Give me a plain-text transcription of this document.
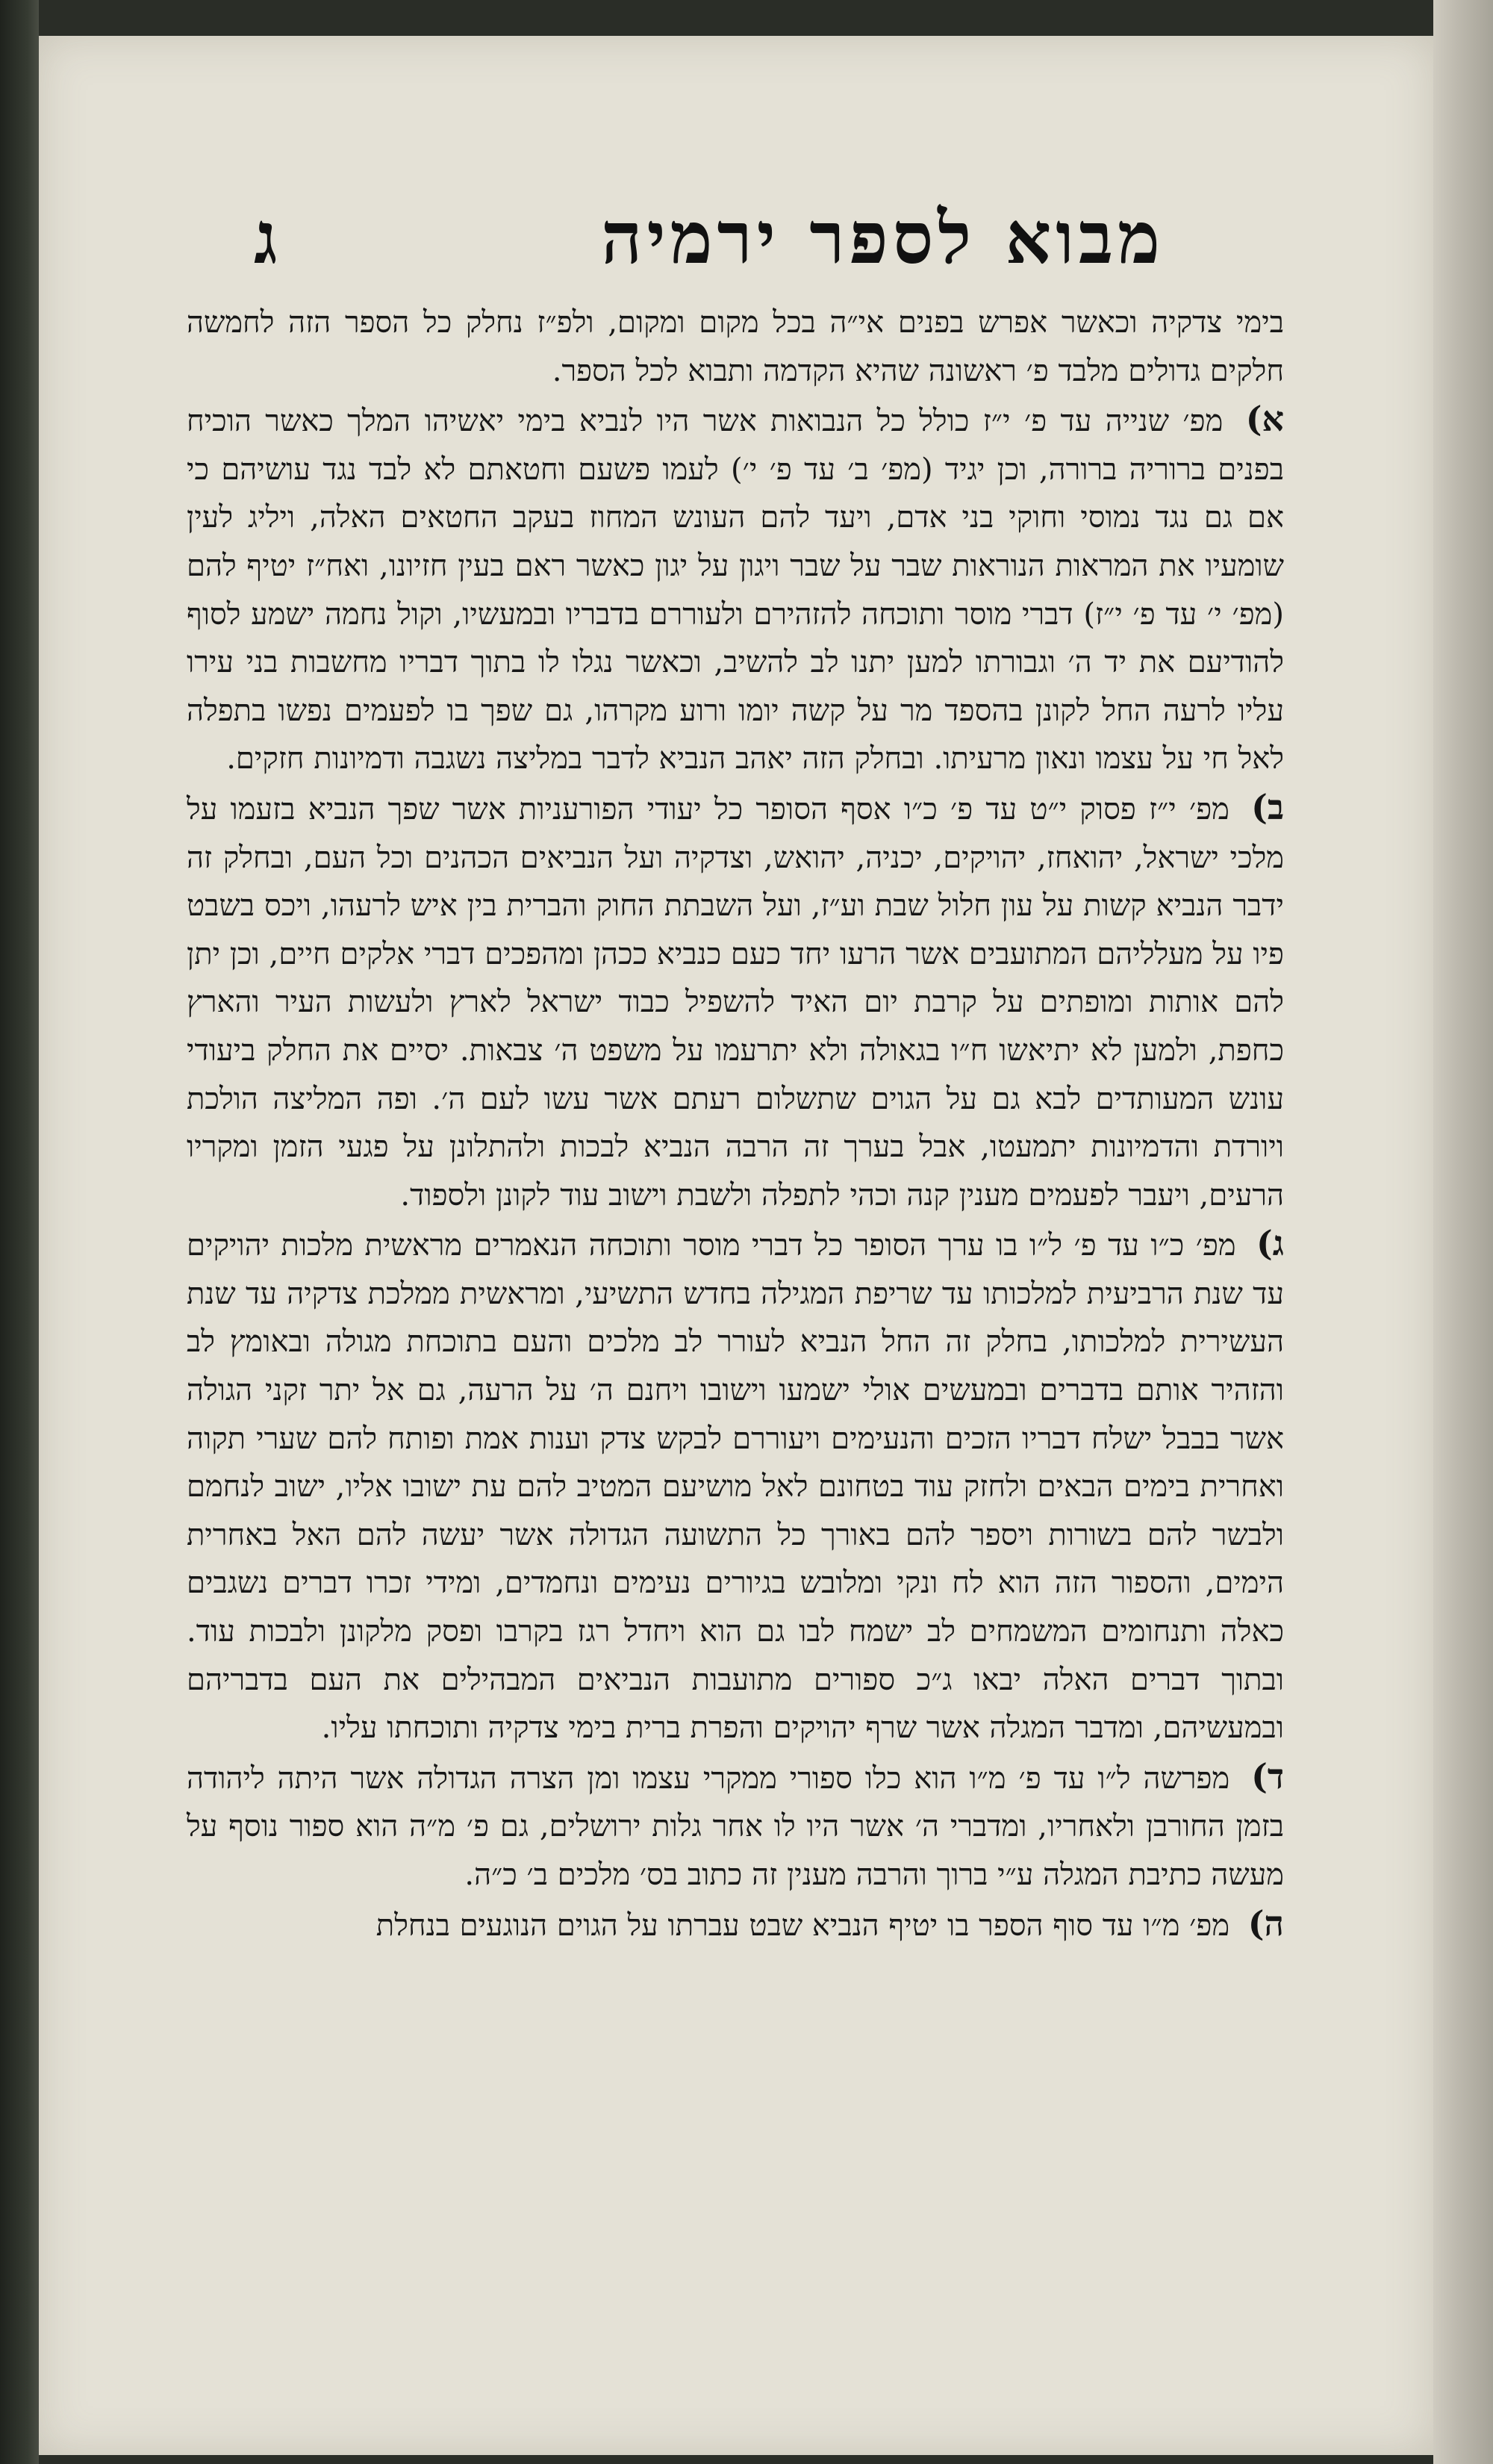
מבוא לספר ירמיה
ג

בימי צדקיה וכאשר אפרש בפנים אי״ה בכל מקום ומקום, ולפ״ז נחלק כל הספר הזה לחמשה חלקים גדולים מלבד פ׳ ראשונה שהיא הקדמה ותבוא לכל הספר.

א) מפ׳ שנייה עד פ׳ י״ז כולל כל הנבואות אשר היו לנביא בימי יאשיהו המלך כאשר הוכיח בפנים ברוריה ברורה, וכן יגיד (מפ׳ ב׳ עד פ׳ י׳) לעמו פשעם וחטאתם לא לבד נגד עושיהם כי אם גם נגד נמוסי וחוקי בני אדם, ויעד להם העונש המחוז בעקב החטאים האלה, ויליג לעין שומעיו את המראות הנוראות שבר על שבר ויגון על יגון כאשר ראם בעין חזיונו, ואח״ז יטיף להם (מפ׳ י׳ עד פ׳ י״ז) דברי מוסר ותוכחה להזהירם ולעוררם בדבריו ובמעשיו, וקול נחמה ישמע לסוף להודיעם את יד ה׳ וגבורתו למען יתנו לב להשיב, וכאשר נגלו לו בתוך דבריו מחשבות בני עירו עליו לרעה החל לקונן בהספד מר על קשה יומו ורוע מקרהו, גם שפך בו לפעמים נפשו בתפלה לאל חי על עצמו ונאון מרעיתו. ובחלק הזה יאהב הנביא לדבר במליצה נשגבה ודמיונות חזקים.

ב) מפ׳ י״ז פסוק י״ט עד פ׳ כ״ו אסף הסופר כל יעודי הפורעניות אשר שפך הנביא בזעמו על מלכי ישראל, יהואחז, יהויקים, יכניה, יהואש, וצדקיה ועל הנביאים הכהנים וכל העם, ובחלק זה ידבר הנביא קשות על עון חלול שבת וע״ז, ועל השבתת החוק והברית בין איש לרעהו, ויכס בשבט פיו על מעלליהם המתועבים אשר הרעו יחד כעם כנביא ככהן ומהפכים דברי אלקים חיים, וכן יתן להם אותות ומופתים על קרבת יום האיד להשפיל כבוד ישראל לארץ ולעשות העיר והארץ כחפת, ולמען לא יתיאשו ח״ו בגאולה ולא יתרעמו על משפט ה׳ צבאות. יסיים את החלק ביעודי עונש המעותדים לבא גם על הגוים שתשלום רעתם אשר עשו לעם ה׳. ופה המליצה הולכת ויורדת והדמיונות יתמעטו, אבל בערך זה הרבה הנביא לבכות ולהתלונן על פגעי הזמן ומקריו הרעים, ויעבר לפעמים מענין קנה וכהי לתפלה ולשבת וישוב עוד לקונן ולספוד.

ג) מפ׳ כ״ו עד פ׳ ל״ו בו ערך הסופר כל דברי מוסר ותוכחה הנאמרים מראשית מלכות יהויקים עד שנת הרביעית למלכותו עד שריפת המגילה בחדש התשיעי, ומראשית ממלכת צדקיה עד שנת העשירית למלכותו, בחלק זה החל הנביא לעורר לב מלכים והעם בתוכחת מגולה ובאומץ לב והזהיר אותם בדברים ובמעשים אולי ישמעו וישובו ויחנם ה׳ על הרעה, גם אל יתר זקני הגולה אשר בבבל ישלח דבריו הזכים והנעימים ויעוררם לבקש צדק וענות אמת ופותח להם שערי תקוה ואחרית בימים הבאים ולחזק עוד בטחונם לאל מושיעם המטיב להם עת ישובו אליו, ישוב לנחמם ולבשר להם בשורות ויספר להם באורך כל התשועה הגדולה אשר יעשה להם האל באחרית הימים, והספור הזה הוא לח ונקי ומלובש בגיורים נעימים ונחמדים, ומידי זכרו דברים נשגבים כאלה ותנחומים המשמחים לב ישמח לבו גם הוא ויחדל רגז בקרבו ופסק מלקונן ולבכות עוד. ובתוך דברים האלה יבאו ג״כ ספורים מתועבות הנביאים המבהילים את העם בדבריהם ובמעשיהם, ומדבר המגלה אשר שרף יהויקים והפרת ברית בימי צדקיה ותוכחתו עליו.

ד) מפרשה ל״ו עד פ׳ מ״ו הוא כלו ספורי ממקרי עצמו ומן הצרה הגדולה אשר היתה ליהודה בזמן החורבן ולאחריו, ומדברי ה׳ אשר היו לו אחר גלות ירושלים, גם פ׳ מ״ה הוא ספור נוסף על מעשה כתיבת המגלה ע״י ברוך והרבה מענין זה כתוב בס׳ מלכים ב׳ כ״ה.

ה) מפ׳ מ״ו עד סוף הספר בו יטיף הנביא שבט עברתו על הגוים הנוגעים בנחלת
